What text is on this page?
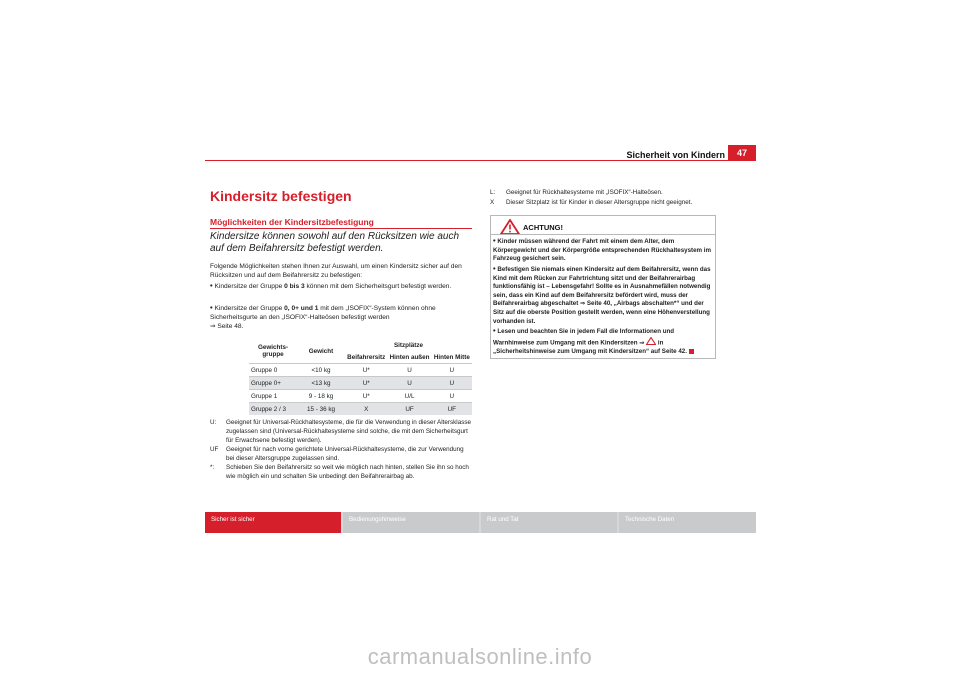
Sicherheit von Kindern	47
Kindersitz befestigen
Möglichkeiten der Kindersitzbefestigung
Kindersitze können sowohl auf den Rücksitzen wie auch auf dem Beifahrersitz befestigt werden.
Folgende Möglichkeiten stehen Ihnen zur Auswahl, um einen Kindersitz sicher auf den Rücksitzen und auf dem Beifahrersitz zu befestigen:
• Kindersitze der Gruppe 0 bis 3 können mit dem Sicherheitsgurt befestigt werden.
• Kindersitze der Gruppe 0, 0+ und 1 mit dem „ISOFIX“-System können ohne Sicherheitsgurte an den „ISOFIX“-Halteösen befestigt werden
⇒ Seite 48.
Gewichts-gruppe	Gewicht	Sitzplätze		
		Beifahrersitz	Hinten außen	Hinten Mitte
Gruppe 0	<10 kg	U*	U	U
Gruppe 0+	<13 kg	U*	U	U
Gruppe 1	9 - 18 kg	U*	U/L	U
Gruppe 2 / 3	15 - 36 kg	X	UF	UF
U:	Geeignet für Universal-Rückhaltesysteme, die für die Verwendung in dieser Altersklasse zugelassen sind (Universal-Rückhaltesysteme sind solche, die mit dem Sicherheitsgurt für Erwachsene befestigt werden).
UF	Geeignet für nach vorne gerichtete Universal-Rückhaltesysteme, die zur Verwendung bei dieser Altersgruppe zugelassen sind.
*:	Schieben Sie den Beifahrersitz so weit wie möglich nach hinten, stellen Sie ihn so hoch wie möglich ein und schalten Sie unbedingt den Beifahrerairbag ab.
L:	Geeignet für Rückhaltesysteme mit „ISOFIX“-Halteösen.
X	Dieser Sitzplatz ist für Kinder in dieser Altersgruppe nicht geeignet.
ACHTUNG!
• Kinder müssen während der Fahrt mit einem dem Alter, dem Körpergewicht und der Körpergröße entsprechenden Rückhaltesystem im Fahrzeug gesichert sein.
• Befestigen Sie niemals einen Kindersitz auf dem Beifahrersitz, wenn das Kind mit dem Rücken zur Fahrtrichtung sitzt und der Beifahrerairbag funktionsfähig ist – Lebensgefahr! Sollte es in Ausnahmefällen notwendig sein, dass ein Kind auf dem Beifahrersitz befördert wird, muss der Beifahrerairbag abgeschaltet ⇒ Seite 40, „Airbags abschalten*“ und der Sitz auf die oberste Position gestellt werden, wenn eine Höhenverstellung vorhanden ist.
• Lesen und beachten Sie in jedem Fall die Informationen und Warnhinweise zum Umgang mit den Kindersitzen ⇒  in „Sicherheitshinweise zum Umgang mit Kindersitzen“ auf Seite 42.
Sicher ist sicher	Bedienungshinweise	Rat und Tat	Technische Daten
carmanualsonline.info
